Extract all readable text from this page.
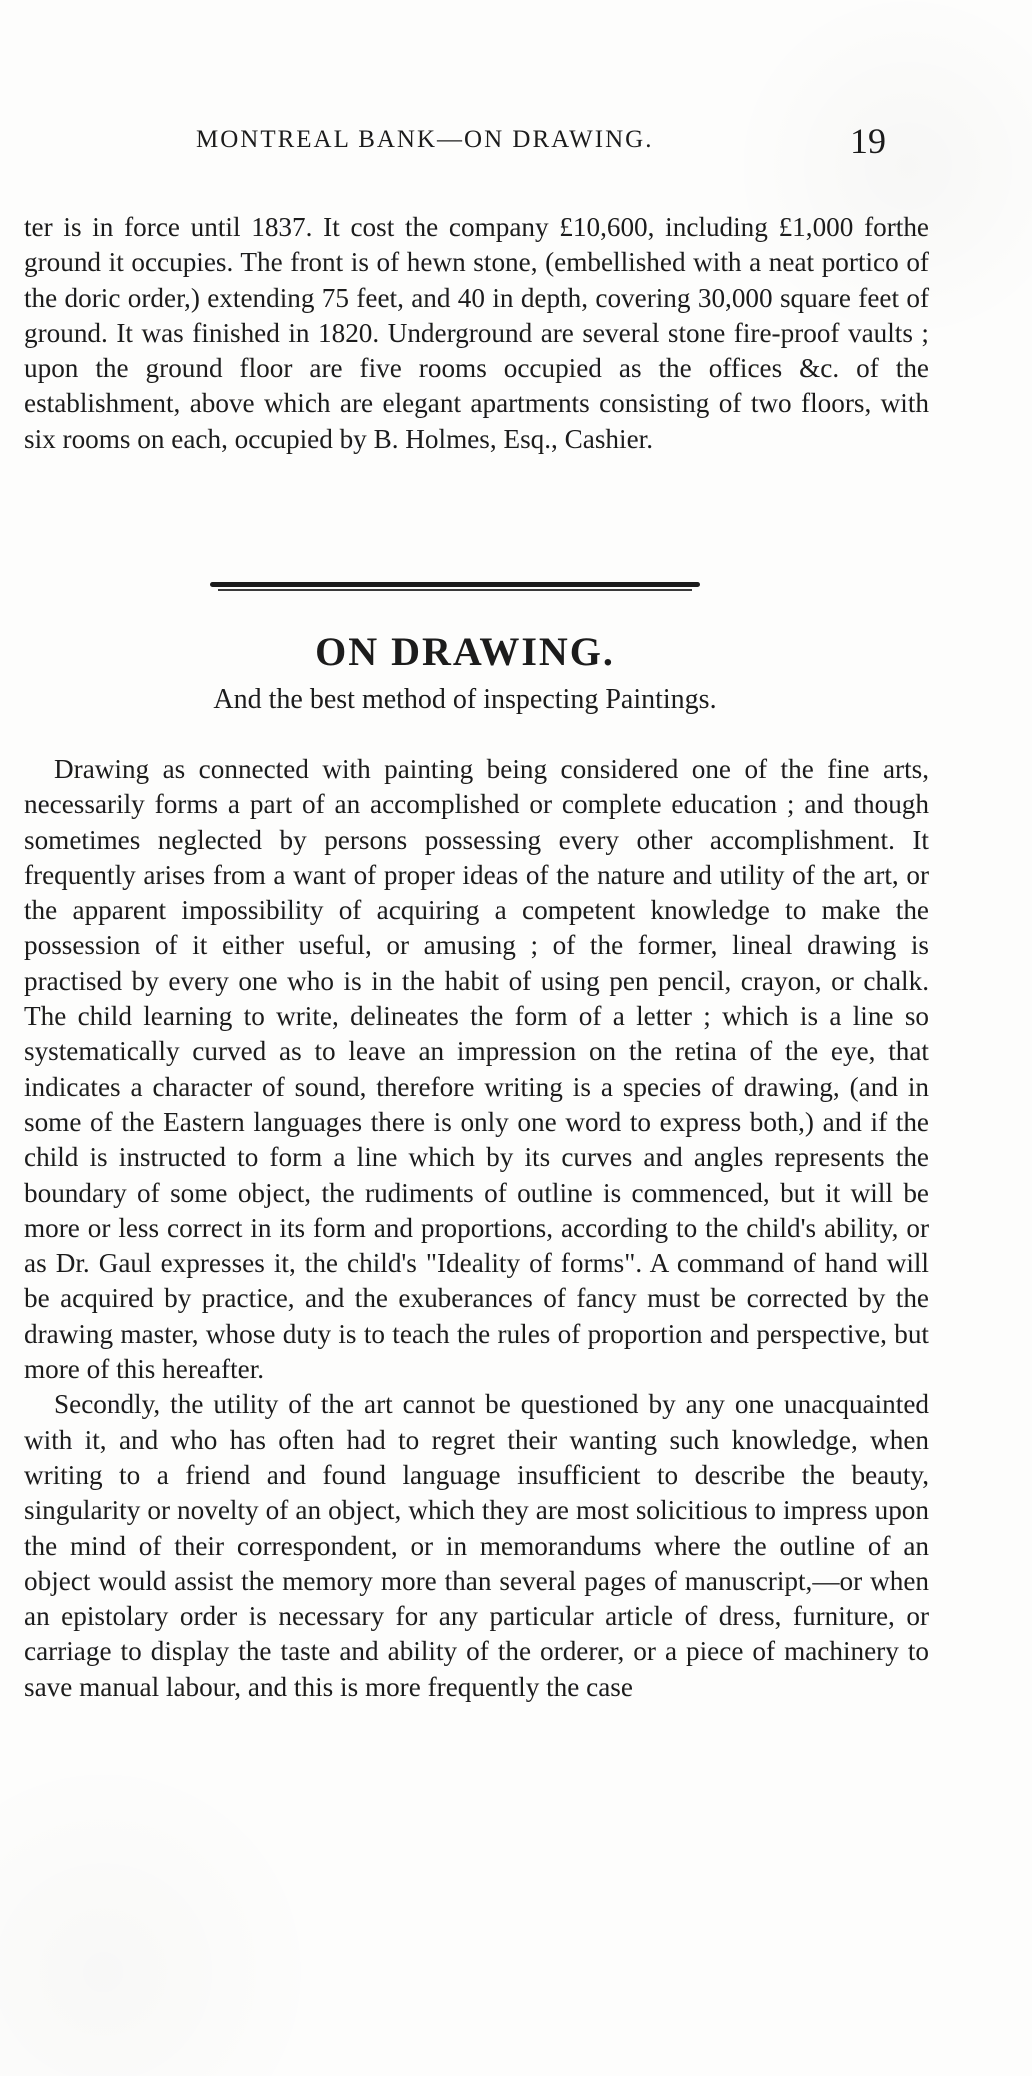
MONTREAL BANK—ON DRAWING.	19

ter is in force until 1837. It cost the company £10,600, including £1,000 forthe ground it occupies. The front is of hewn stone, (embellished with a neat portico of the doric order,) extending 75 feet, and 40 in depth, covering 30,000 square feet of ground. It was finished in 1820. Underground are several stone fire-proof vaults ; upon the ground floor are five rooms occupied as the offices &c. of the establishment, above which are elegant apartments consisting of two floors, with six rooms on each, occupied by B. Holmes, Esq., Cashier.

ON DRAWING.
And the best method of inspecting Paintings.

Drawing as connected with painting being considered one of the fine arts, necessarily forms a part of an accomplished or complete education ; and though sometimes neglected by persons possessing every other accomplishment. It frequently arises from a want of proper ideas of the nature and utility of the art, or the apparent impossibility of acquiring a competent knowledge to make the possession of it either useful, or amusing ; of the former, lineal drawing is practised by every one who is in the habit of using pen pencil, crayon, or chalk. The child learning to write, delineates the form of a letter ; which is a line so systematically curved as to leave an impression on the retina of the eye, that indicates a character of sound, therefore writing is a species of drawing, (and in some of the Eastern languages there is only one word to express both,) and if the child is instructed to form a line which by its curves and angles represents the boundary of some object, the rudiments of outline is commenced, but it will be more or less correct in its form and proportions, according to the child's ability, or as Dr. Gaul expresses it, the child's "Ideality of forms". A command of hand will be acquired by practice, and the exuberances of fancy must be corrected by the drawing master, whose duty is to teach the rules of proportion and perspective, but more of this hereafter.

Secondly, the utility of the art cannot be questioned by any one unacquainted with it, and who has often had to regret their wanting such knowledge, when writing to a friend and found language insufficient to describe the beauty, singularity or novelty of an object, which they are most solicitious to impress upon the mind of their correspondent, or in memorandums where the outline of an object would assist the memory more than several pages of manuscript,—or when an epistolary order is necessary for any particular article of dress, furniture, or carriage to display the taste and ability of the orderer, or a piece of machinery to save manual labour, and this is more frequently the case
